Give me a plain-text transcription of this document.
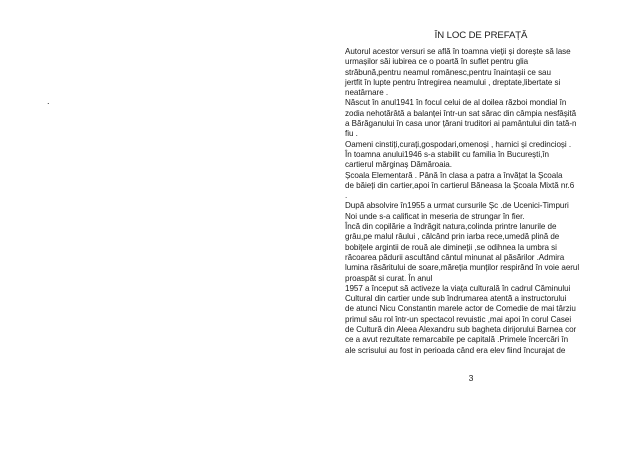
.
ÎN LOC DE PREFAȚĂ
Autorul acestor versuri se află în toamna vieții și dorește să lase
urmașilor săi iubirea ce o poartă în suflet pentru glia
străbună,pentru neamul românesc,pentru înaintașii ce sau
jertfit în lupte pentru întregirea neamului , dreptate,libertate si
neatârnare .
Născut în anul1941 în focul celui de al doilea război mondial în
zodia nehotărâtă a balanței într-un sat sărac din câmpia nesfâșită
a Bărăganului în casa unor țărani truditori ai pamântului din tată-n
fiu .
Oameni cinstiți,curați,gospodari,omenoși , harnici și credincioși .
În toamna anului1946 s-a stabilit cu familia în București,în
cartierul mărginaș Dămăroaia.
Școala Elementară . Până în clasa a patra a învățat la Școala
de băieți din cartier,apoi în cartierul Băneasa la Școala Mixtă nr.6
.
După absolvire în1955 a urmat cursurile Șc .de Ucenici-Timpuri
Noi unde s-a calificat in meseria de strungar în fier.
Încă din copilărie a îndrăgit natura,colinda printre lanurile de
grâu,pe malul râului , călcând prin iarba rece,umedă plină de
bobițele argintii de rouă ale dimineții ,se odihnea la umbra si
răcoarea pădurii ascultând cântul minunat al păsărilor .Admira
lumina răsăritului de soare,măreția munților respirând în voie aerul
proaspăt si curat. În anul
1957 a început să activeze la viața culturală în cadrul Căminului
Cultural din cartier unde sub îndrumarea atentă a instructorului
de atunci Nicu Constantin marele actor de Comedie de mai târziu
primul său rol într-un spectacol revuistic ,mai apoi în corul Casei
de Cultură din Aleea Alexandru sub bagheta dirijorului Barnea cor
ce a avut rezultate remarcabile pe capitală .Primele încercări în
ale scrisului au fost in perioada când era elev fiind încurajat de
3
